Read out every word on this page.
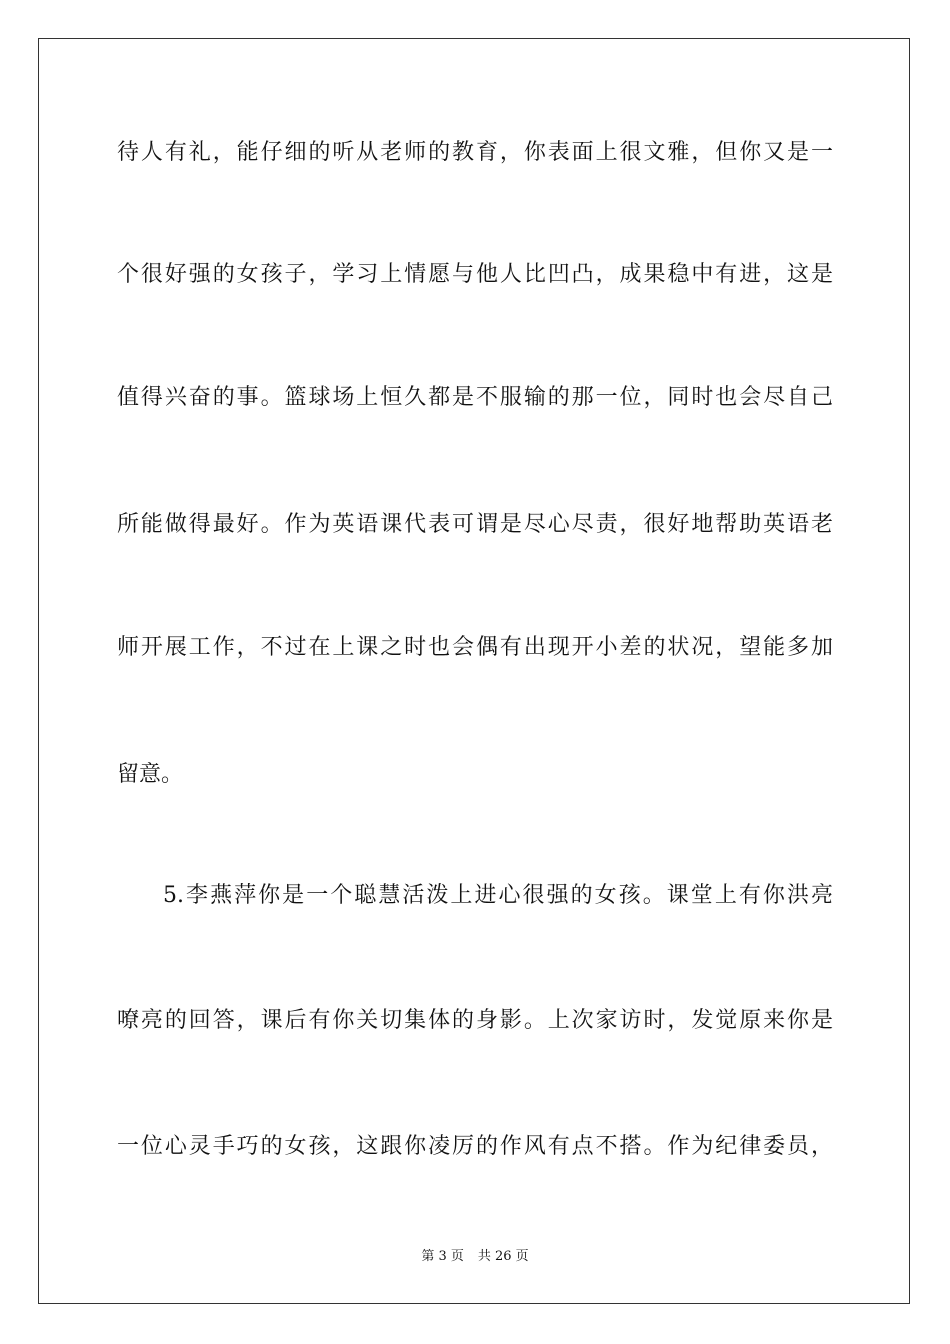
待人有礼，能仔细的听从老师的教育，你表面上很文雅，但你又是一
个很好强的女孩子，学习上情愿与他人比凹凸，成果稳中有进，这是
值得兴奋的事。篮球场上恒久都是不服输的那一位，同时也会尽自己
所能做得最好。作为英语课代表可谓是尽心尽责，很好地帮助英语老
师开展工作，不过在上课之时也会偶有出现开小差的状况，望能多加
留意。
5.李燕萍你是一个聪慧活泼上进心很强的女孩。课堂上有你洪亮
嘹亮的回答，课后有你关切集体的身影。上次家访时，发觉原来你是
一位心灵手巧的女孩，这跟你凌厉的作风有点不搭。作为纪律委员，
第 3 页 共 26 页
